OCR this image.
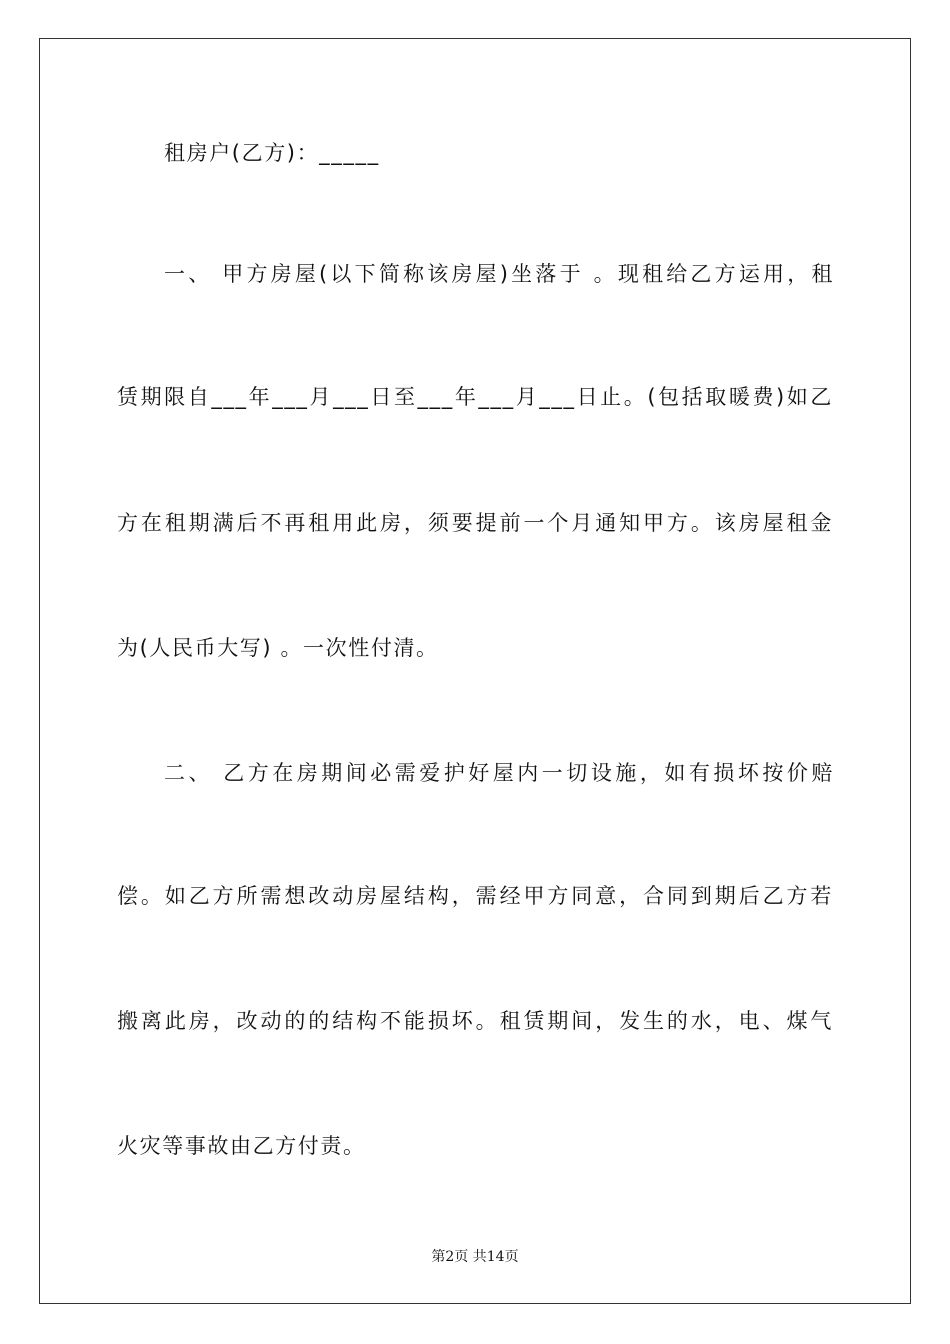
租房户(乙方)：_____
一、 甲方房屋(以下简称该房屋)坐落于 。现租给乙方运用，租
赁期限自___年___月___日至___年___月___日止。(包括取暖费)如乙
方在租期满后不再租用此房，须要提前一个月通知甲方。该房屋租金
为(人民币大写) 。一次性付清。
二、 乙方在房期间必需爱护好屋内一切设施，如有损坏按价赔
偿。如乙方所需想改动房屋结构，需经甲方同意，合同到期后乙方若
搬离此房，改动的的结构不能损坏。租赁期间，发生的水，电、煤气
火灾等事故由乙方付责。
第2页 共14页
